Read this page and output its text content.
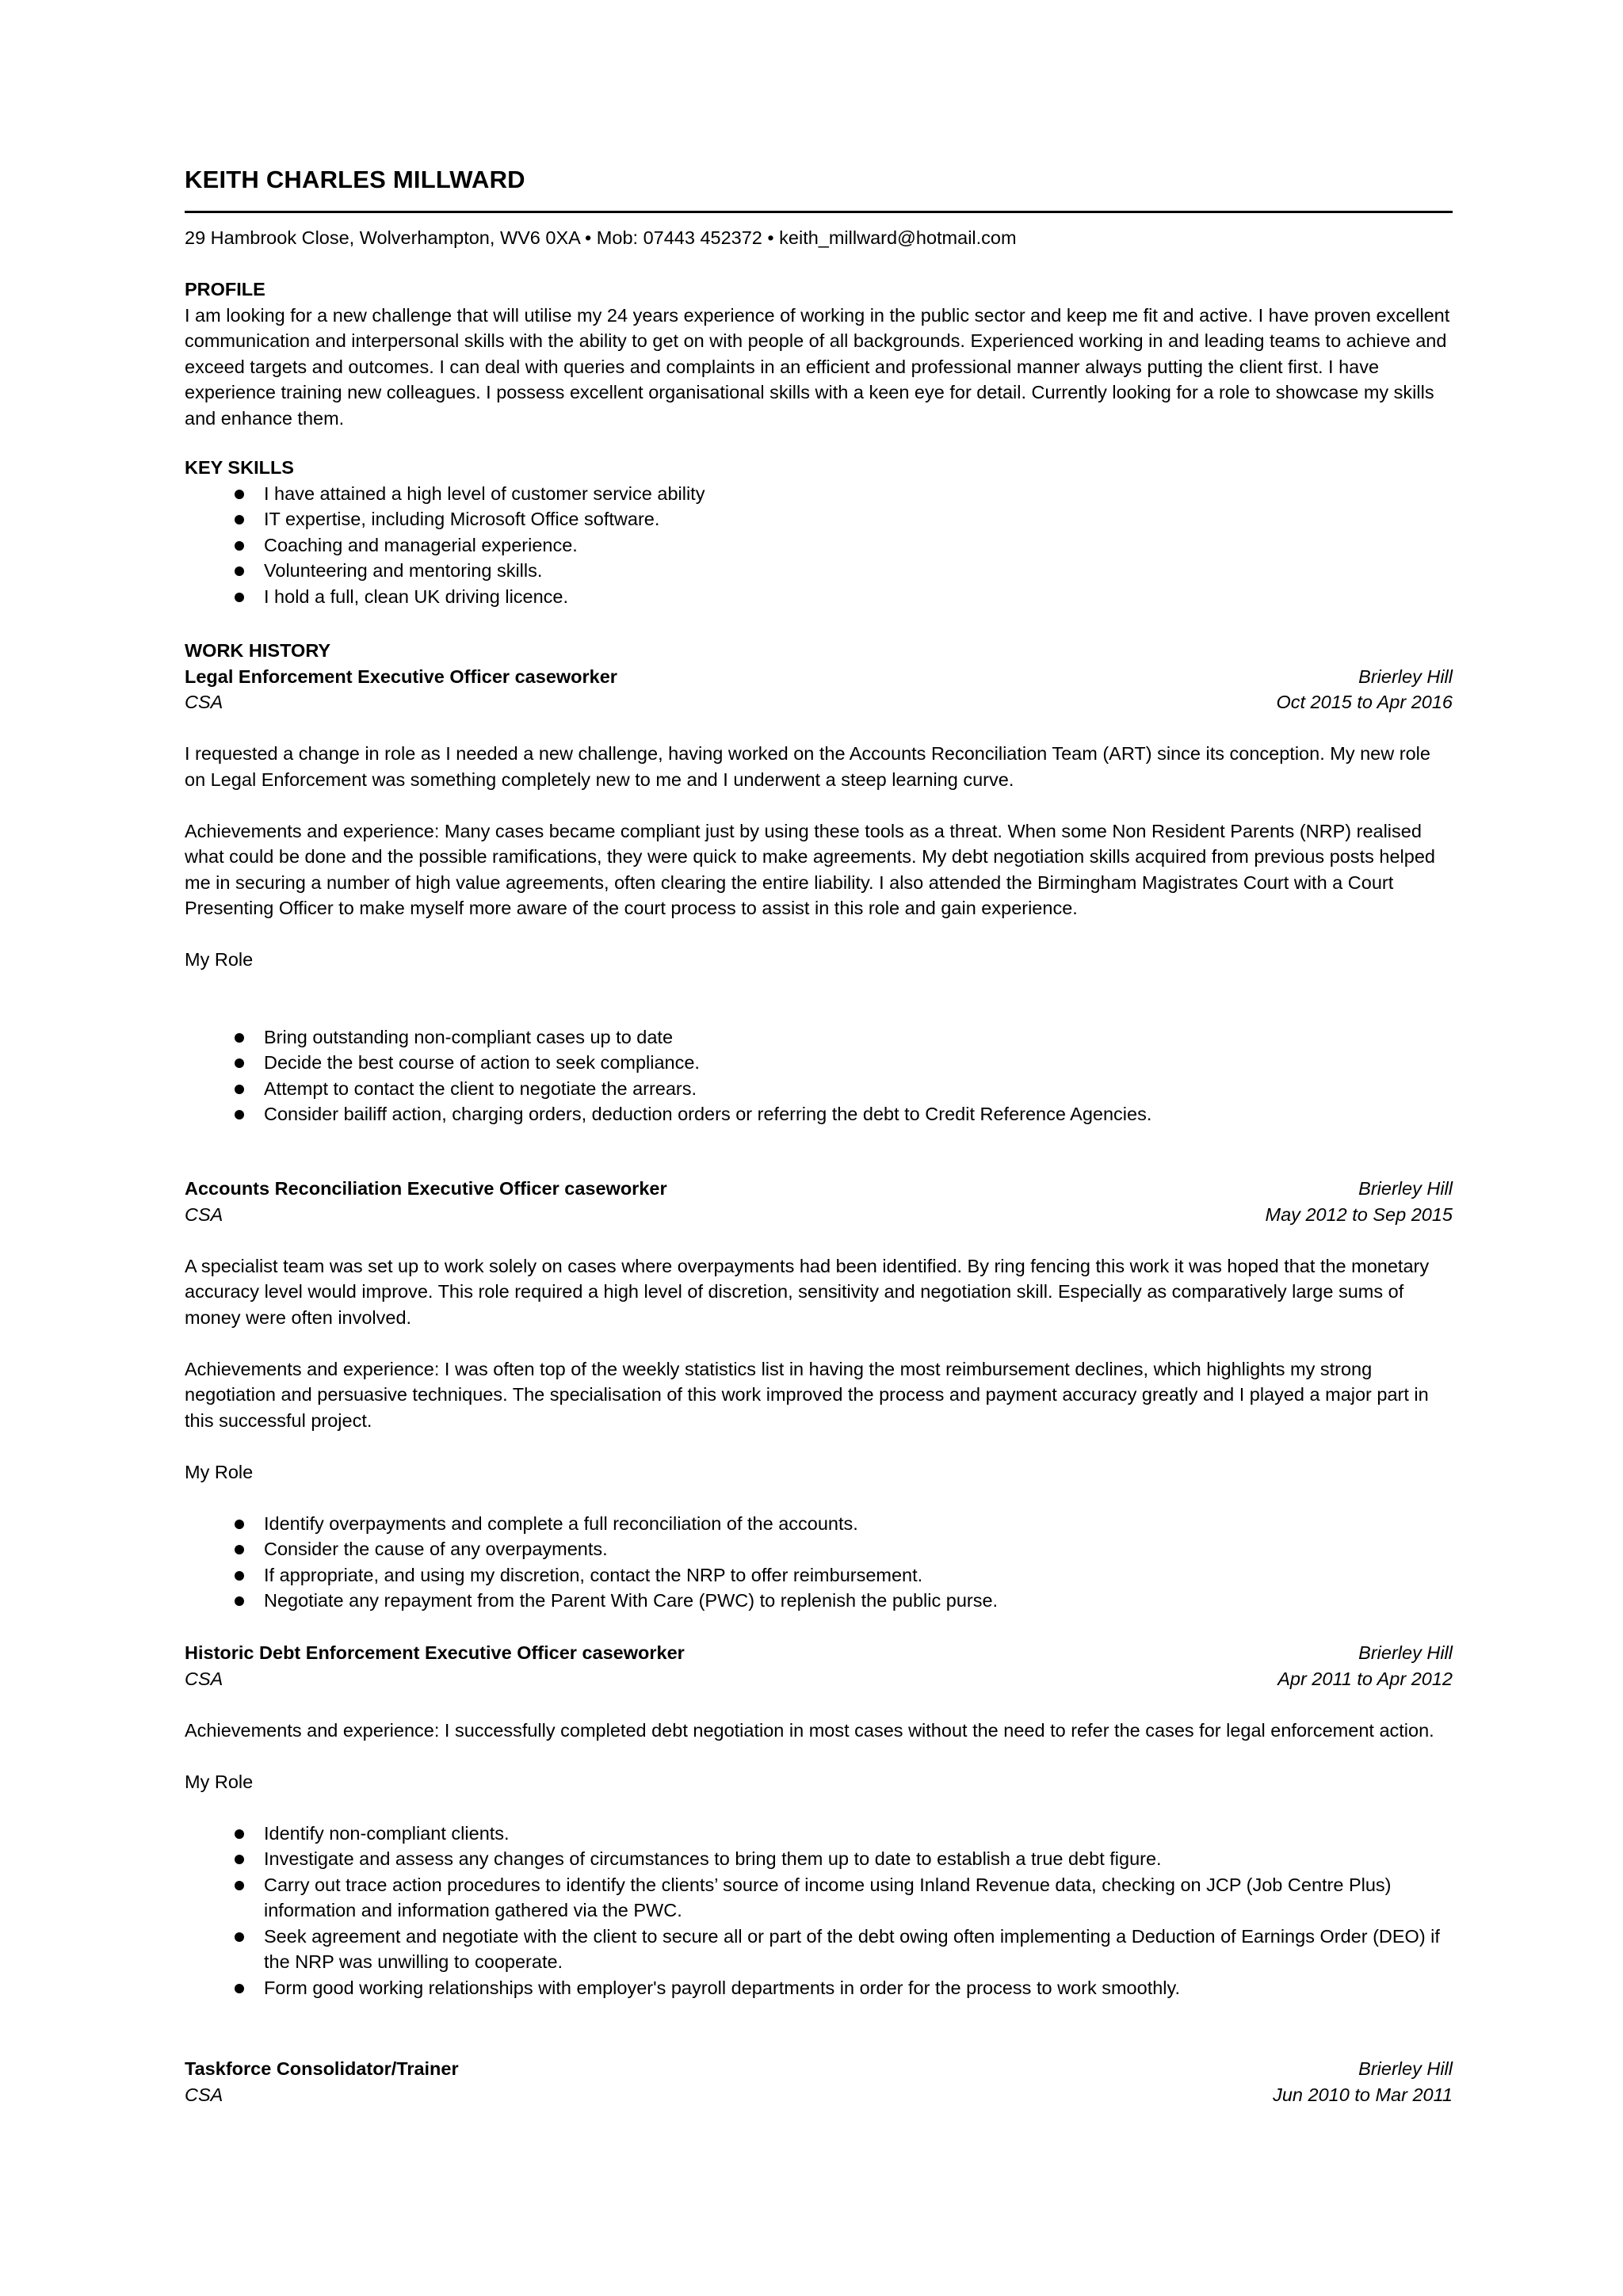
KEITH CHARLES MILLWARD
29 Hambrook Close, Wolverhampton, WV6 0XA • Mob: 07443 452372 • keith_millward@hotmail.com
PROFILE

I am looking for a new challenge that will utilise my 24 years experience of working in the public sector and keep me fit and active. I have proven excellent communication and interpersonal skills with the ability to get on with people of all backgrounds. Experienced working in and leading teams to achieve and exceed targets and outcomes. I can deal with queries and complaints in an efficient and professional manner always putting the client first. I have experience training new colleagues. I possess excellent organisational skills with a keen eye for detail. Currently looking for a role to showcase my skills and enhance them.

KEY SKILLS
I have attained a high level of customer service ability
IT expertise, including Microsoft Office software.
Coaching and managerial experience.
Volunteering and mentoring skills.
I hold a full, clean UK driving licence.
WORK HISTORY
Legal Enforcement Executive Officer caseworker	Brierley Hill
CSA	Oct 2015 to Apr 2016

I requested a change in role as I needed a new challenge, having worked on the Accounts Reconciliation Team (ART) since its conception. My new role on Legal Enforcement was something completely new to me and I underwent a steep learning curve.

Achievements and experience: Many cases became compliant just by using these tools as a threat. When some Non Resident Parents (NRP) realised what could be done and the possible ramifications, they were quick to make agreements. My debt negotiation skills acquired from previous posts helped me in securing a number of high value agreements, often clearing the entire liability. I also attended the Birmingham Magistrates Court with a Court Presenting Officer to make myself more aware of the court process to assist in this role and gain experience.

My Role

Bring outstanding non-compliant cases up to date
Decide the best course of action to seek compliance.
Attempt to contact the client to negotiate the arrears.
Consider bailiff action, charging orders, deduction orders or referring the debt to Credit Reference Agencies.
Accounts Reconciliation Executive Officer caseworker	Brierley Hill
CSA	May 2012 to Sep 2015

A specialist team was set up to work solely on cases where overpayments had been identified. By ring fencing this work it was hoped that the monetary accuracy level would improve. This role required a high level of discretion, sensitivity and negotiation skill. Especially as comparatively large sums of money were often involved.

Achievements and experience: I was often top of the weekly statistics list in having the most reimbursement declines, which highlights my strong negotiation and persuasive techniques. The specialisation of this work improved the process and payment accuracy greatly and I played a major part in this successful project.

My Role

Identify overpayments and complete a full reconciliation of the accounts.
Consider the cause of any overpayments.
If appropriate, and using my discretion, contact the NRP to offer reimbursement.
Negotiate any repayment from the Parent With Care (PWC) to replenish the public purse.
Historic Debt Enforcement Executive Officer caseworker	Brierley Hill
CSA	Apr 2011 to Apr 2012

Achievements and experience: I successfully completed debt negotiation in most cases without the need to refer the cases for legal enforcement action.

My Role

Identify non-compliant clients.
Investigate and assess any changes of circumstances to bring them up to date to establish a true debt figure.
Carry out trace action procedures to identify the clients’ source of income using Inland Revenue data, checking on JCP (Job Centre Plus) information and information gathered via the PWC.
Seek agreement and negotiate with the client to secure all or part of the debt owing often implementing a Deduction of Earnings Order (DEO) if the NRP was unwilling to cooperate.
Form good working relationships with employer's payroll departments in order for the process to work smoothly.
Taskforce Consolidator/Trainer	Brierley Hill
CSA	Jun 2010 to Mar 2011
